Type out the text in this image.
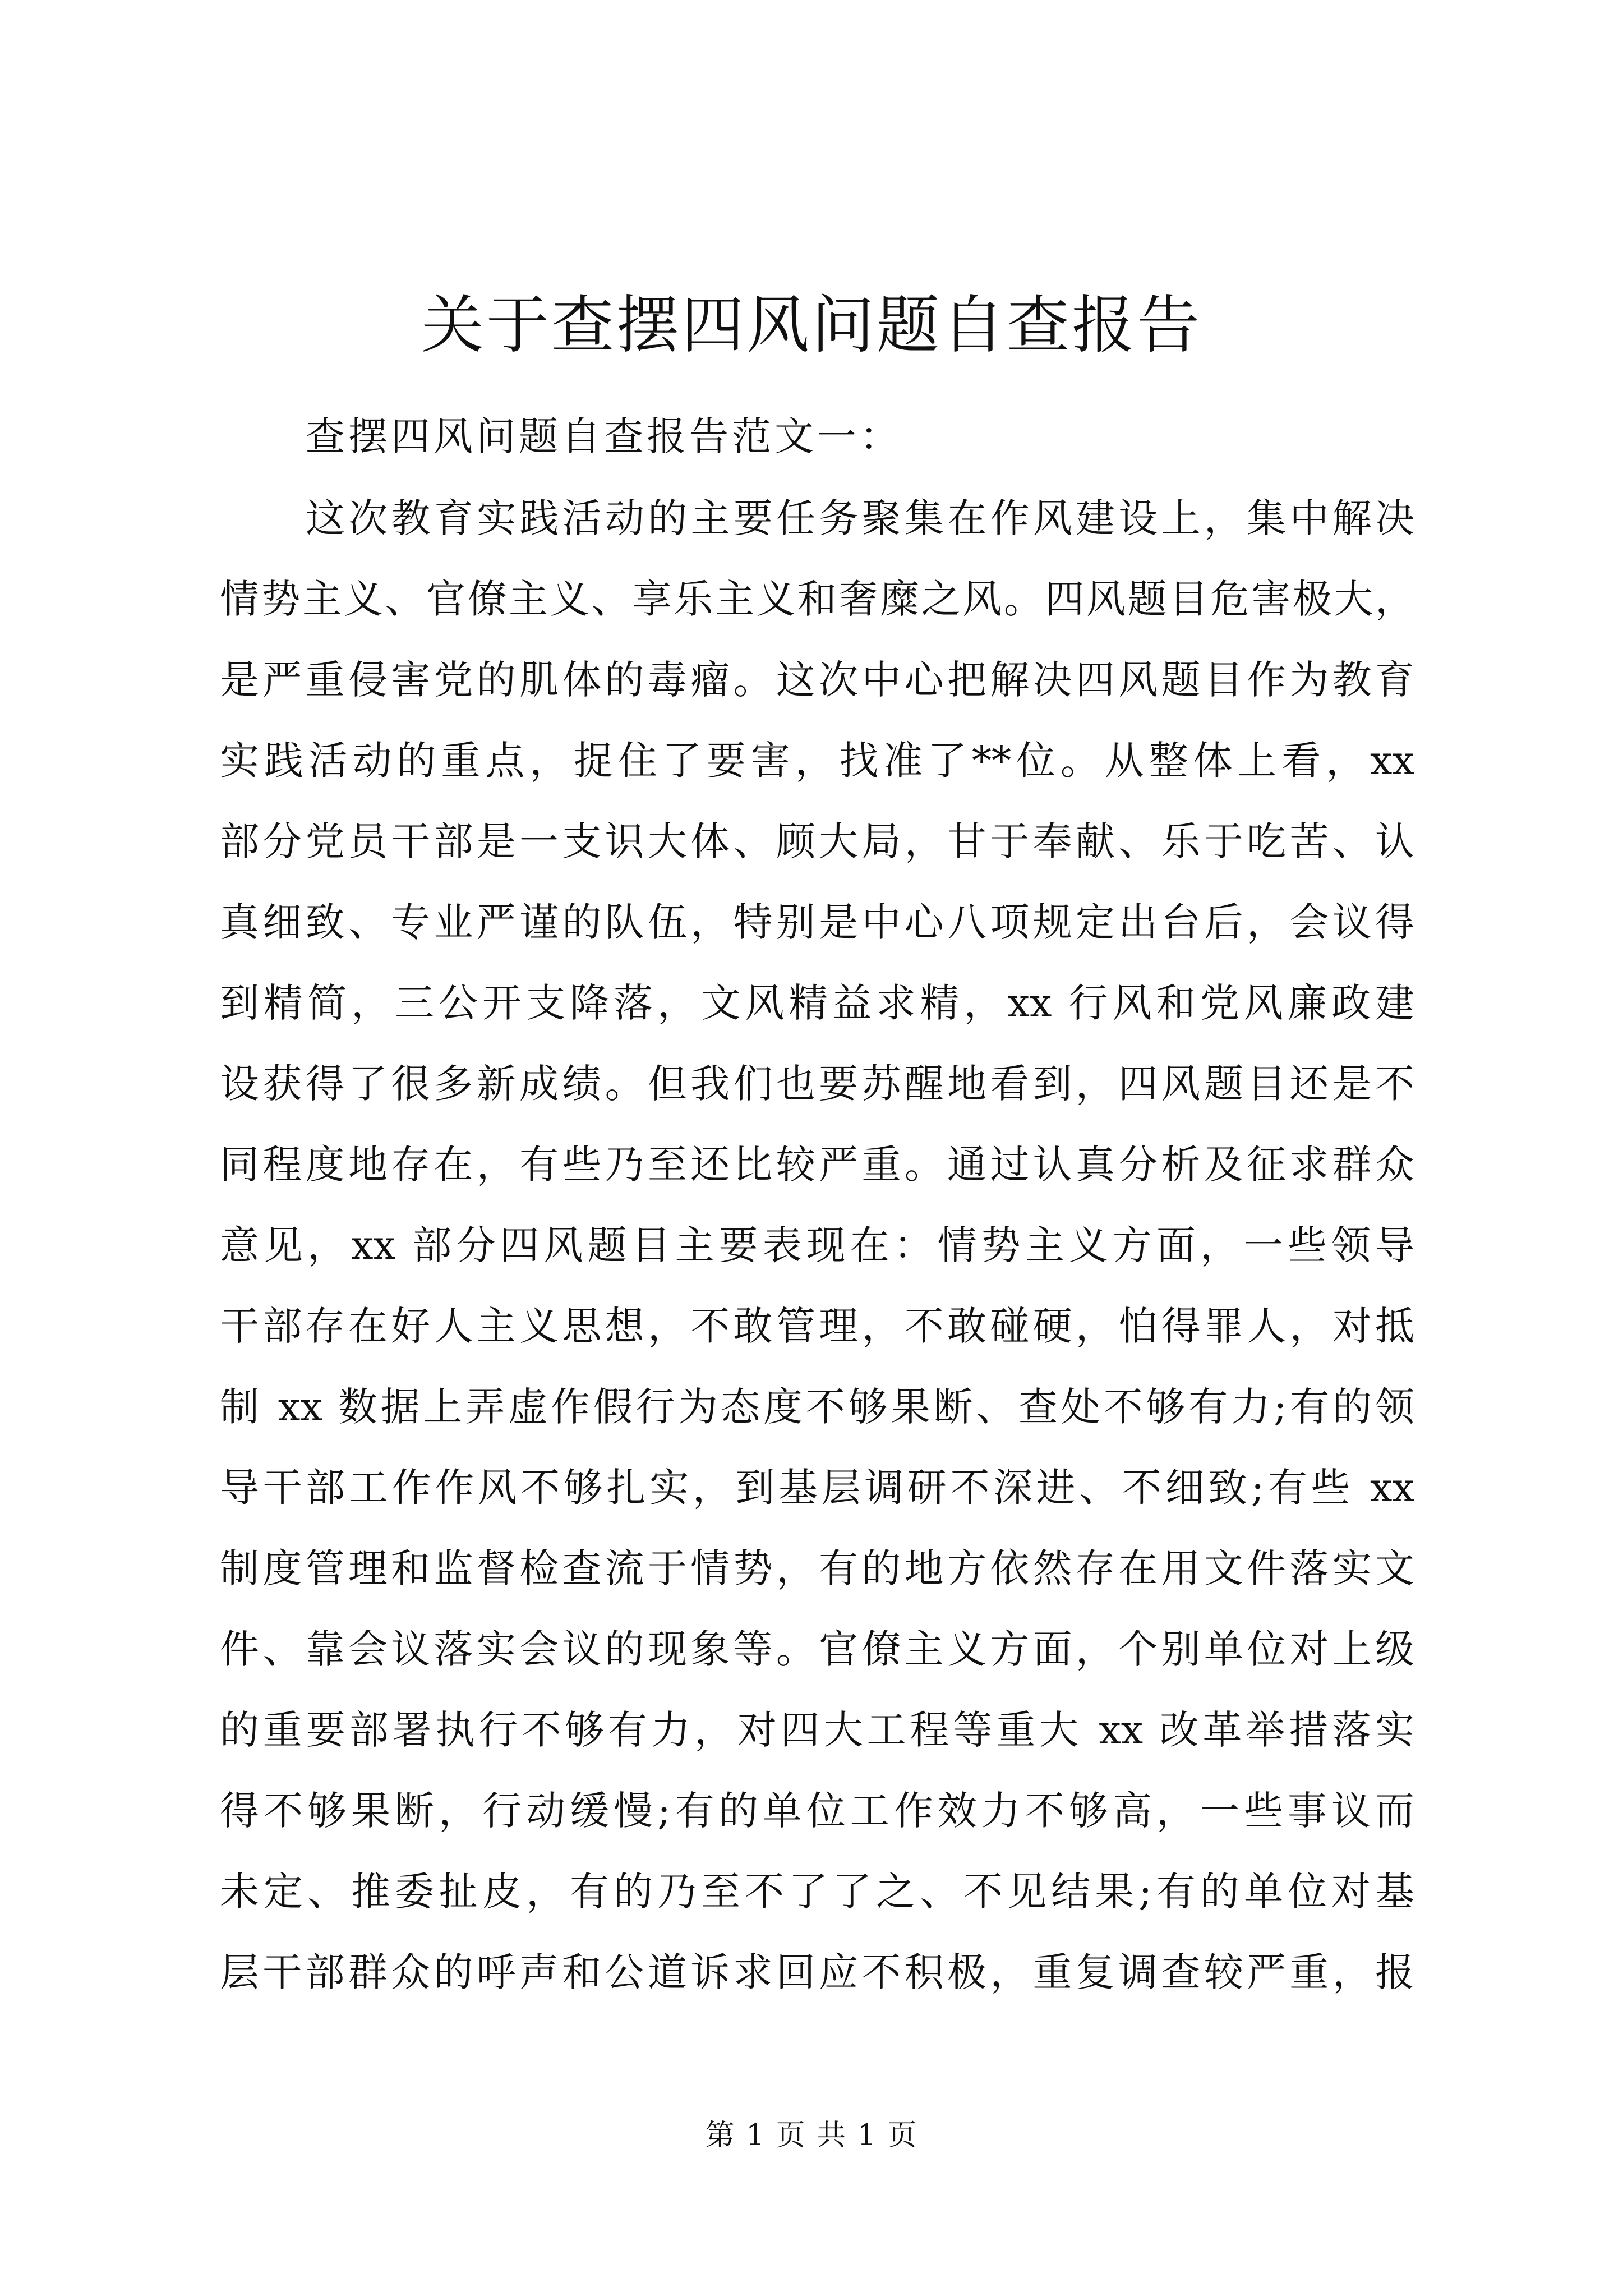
关于查摆四风问题自查报告
查摆四风问题自查报告范文一：
这次教育实践活动的主要任务聚集在作风建设上，集中解决
情势主义、官僚主义、享乐主义和奢糜之风。四风题目危害极大，
是严重侵害党的肌体的毒瘤。这次中心把解决四风题目作为教育
实践活动的重点，捉住了要害，找准了**位。从整体上看，xx
部分党员干部是一支识大体、顾大局，甘于奉献、乐于吃苦、认
真细致、专业严谨的队伍，特别是中心八项规定出台后，会议得
到精简，三公开支降落，文风精益求精，xx 行风和党风廉政建
设获得了很多新成绩。但我们也要苏醒地看到，四风题目还是不
同程度地存在，有些乃至还比较严重。通过认真分析及征求群众
意见，xx 部分四风题目主要表现在：情势主义方面，一些领导
干部存在好人主义思想，不敢管理，不敢碰硬，怕得罪人，对抵
制 xx 数据上弄虚作假行为态度不够果断、查处不够有力;有的领
导干部工作作风不够扎实，到基层调研不深进、不细致;有些 xx
制度管理和监督检查流于情势，有的地方依然存在用文件落实文
件、靠会议落实会议的现象等。官僚主义方面，个别单位对上级
的重要部署执行不够有力，对四大工程等重大 xx 改革举措落实
得不够果断，行动缓慢;有的单位工作效力不够高，一些事议而
未定、推委扯皮，有的乃至不了了之、不见结果;有的单位对基
层干部群众的呼声和公道诉求回应不积极，重复调查较严重，报
第 1 页 共 1 页
